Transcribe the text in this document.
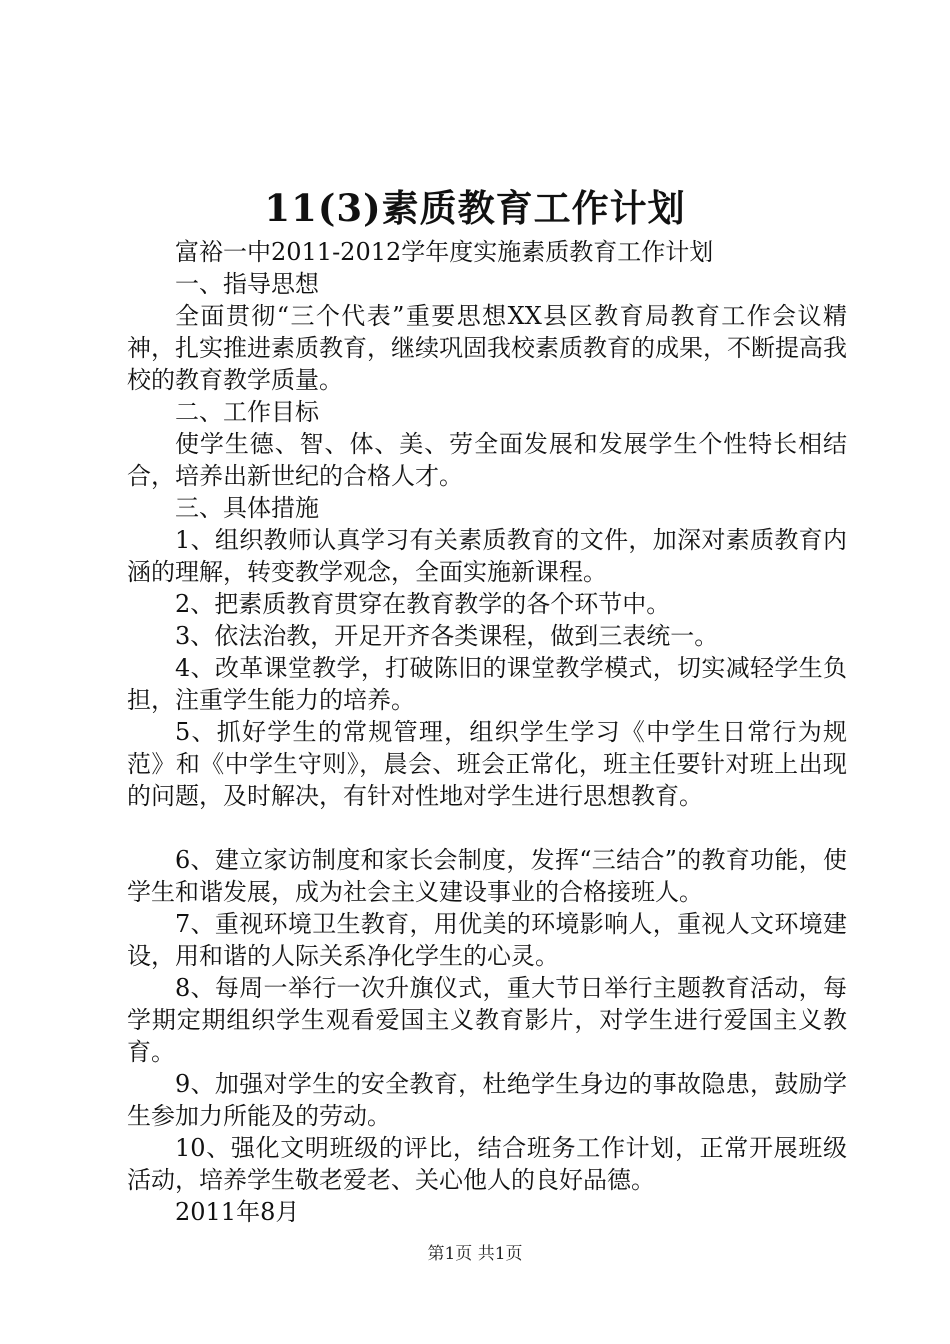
11(3)素质教育工作计划

富裕一中2011-2012学年度实施素质教育工作计划

一、指导思想

全面贯彻“三个代表”重要思想XX县区教育局教育工作会议精神，扎实推进素质教育，继续巩固我校素质教育的成果，不断提高我校的教育教学质量。

二、工作目标

使学生德、智、体、美、劳全面发展和发展学生个性特长相结合，培养出新世纪的合格人才。

三、具体措施

1、组织教师认真学习有关素质教育的文件，加深对素质教育内涵的理解，转变教学观念，全面实施新课程。

2、把素质教育贯穿在教育教学的各个环节中。

3、依法治教，开足开齐各类课程，做到三表统一。

4、改革课堂教学，打破陈旧的课堂教学模式，切实减轻学生负担，注重学生能力的培养。

5、抓好学生的常规管理，组织学生学习《中学生日常行为规范》和《中学生守则》，晨会、班会正常化，班主任要针对班上出现的问题，及时解决，有针对性地对学生进行思想教育。

6、建立家访制度和家长会制度，发挥“三结合”的教育功能，使学生和谐发展，成为社会主义建设事业的合格接班人。

7、重视环境卫生教育，用优美的环境影响人，重视人文环境建设，用和谐的人际关系净化学生的心灵。

8、每周一举行一次升旗仪式，重大节日举行主题教育活动，每学期定期组织学生观看爱国主义教育影片，对学生进行爱国主义教育。

9、加强对学生的安全教育，杜绝学生身边的事故隐患，鼓励学生参加力所能及的劳动。

10、强化文明班级的评比，结合班务工作计划，正常开展班级活动，培养学生敬老爱老、关心他人的良好品德。

2011年8月

第1页 共1页
